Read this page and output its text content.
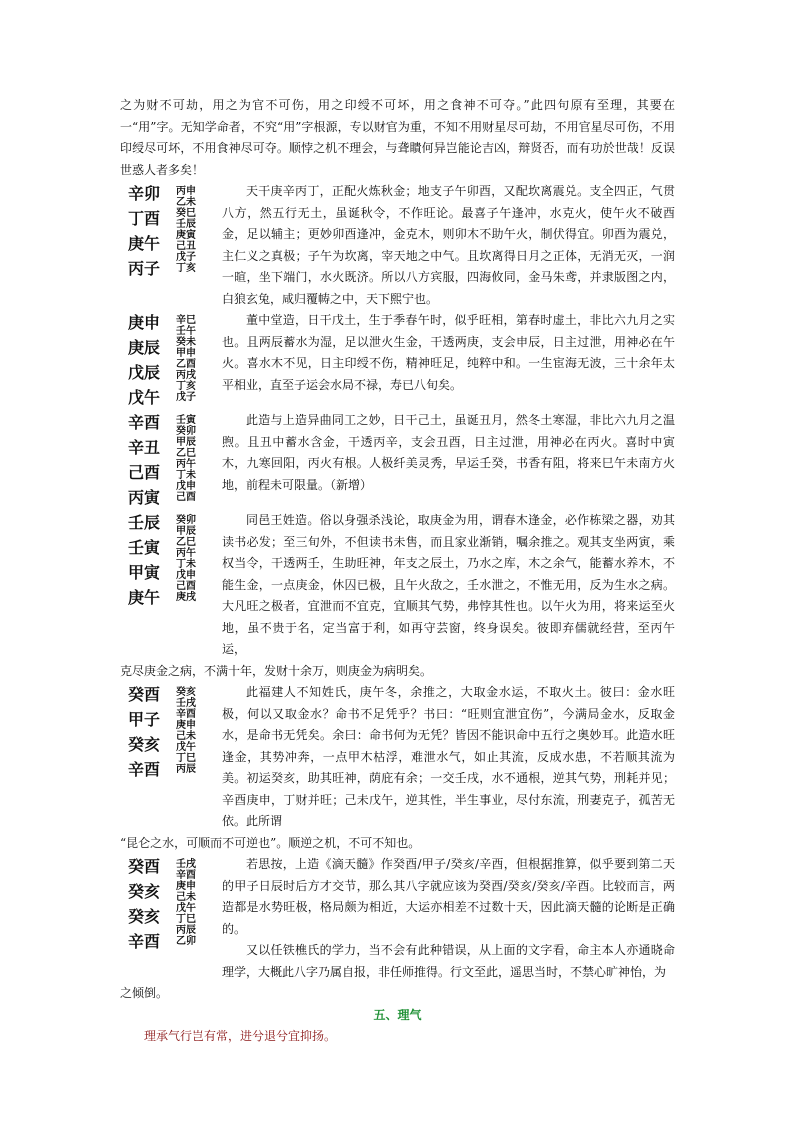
之为财不可劫，用之为官不可伤，用之印绶不可坏，用之食神不可夺。”此四句原有至理，其要在一“用”字。无知学命者，不究“用”字根源，专以财官为重，不知不用财星尽可劫，不用官星尽可伤，不用印绶尽可坏，不用食神尽可夺。顺悖之机不理会，与聋瞶何异岂能论吉凶，辩贤否，而有功於世哉！反误世惑人者多矣！

辛卯
丁酉
庚午
丙子
丙申
乙未
癸巳
壬辰
庚寅
己丑
戊子
丁亥

天干庚辛丙丁，正配火炼秋金；地支子午卯酉，又配坎离震兑。支全四正，气贯八方，然五行无土，虽诞秋令，不作旺论。最喜子午逢冲，水克火，使午火不破酉金，足以辅主；更妙卯酉逢冲，金克木，则卯木不助午火，制伏得宜。卯酉为震兑，主仁义之真极；子午为坎离，宰天地之中气。且坎离得日月之正体，无消无灭，一润一暄，坐下端门，水火既济。所以八方宾服，四海攸同，金马朱鸢，并隶版图之内，白狼玄兔，咸归覆帱之中，天下熙宁也。

庚申
庚辰
戊辰
戊午
辛巳
壬午
癸未
甲申
乙酉
丙戌
丁亥
戊子

董中堂造，日干戊土，生于季春午时，似乎旺相，第春时虚土，非比六九月之实也。且两辰蓄水为湿，足以泄火生金，干透两庚，支会申辰，日主过泄，用神必在午火。喜水木不见，日主印绶不伤，精神旺足，纯粹中和。一生宦海无波，三十余年太平相业，直至子运会水局不禄，寿已八旬矣。

辛酉
辛丑
己酉
丙寅
壬寅
癸卯
甲辰
乙巳
丙午
丁未
戊申
己酉

此造与上造异曲同工之妙，日干己土，虽诞丑月，然冬土寒湿，非比六九月之温煦。且丑中蓄水含金，干透丙辛，支会丑酉，日主过泄，用神必在丙火。喜时中寅木，九寒回阳，丙火有根。人极纤美灵秀，早运壬癸，书香有阻，将来巳午未南方火地，前程未可限量。（新增）

壬辰
壬寅
甲寅
庚午
癸卯
甲辰
乙巳
丙午
丁未
戊申
己酉
庚戌

同邑王姓造。俗以身强杀浅论，取庚金为用，谓春木逢金，必作栋梁之器，劝其读书必发；至三旬外，不但读书未售，而且家业渐销，嘱余推之。观其支坐两寅，乘权当令，干透两壬，生助旺神，年支之辰土，乃水之库，木之余气，能蓄水养木，不能生金，一点庚金，休囚已极，且午火敌之，壬水泄之，不惟无用，反为生水之病。大凡旺之极者，宜泄而不宜克，宜顺其气势，弗悖其性也。以午火为用，将来运至火地，虽不贵于名，定当富于利，如再守芸窗，终身误矣。彼即弃儒就经营，至丙午运，

克尽庚金之病，不满十年，发财十余万，则庚金为病明矣。

癸酉
甲子
癸亥
辛酉
癸亥
壬戌
辛酉
庚申
己未
戊午
丁巳
丙辰

此福建人不知姓氏，庚午冬，余推之，大取金水运，不取火土。彼曰：金水旺极，何以又取金水？命书不足凭乎？书曰：“旺则宜泄宜伤”，今满局金水，反取金水，是命书无凭矣。余曰：命书何为无凭？皆因不能识命中五行之奥妙耳。此造水旺逢金，其势冲奔，一点甲木枯浮，难泄水气，如止其流，反成水患，不若顺其流为美。初运癸亥，助其旺神，荫庇有余；一交壬戌，水不通根，逆其气势，刑耗并见；辛酉庚申，丁财并旺；己未戊午，逆其性，半生事业，尽付东流，刑妻克子，孤苦无依。此所谓

“昆仑之水，可顺而不可逆也”。顺逆之机，不可不知也。

癸酉
癸亥
癸亥
辛酉
壬戌
辛酉
庚申
己未
戊午
丁巳
丙辰
乙卯

若思按，上造《滴天髓》作癸酉/甲子/癸亥/辛酉，但根据推算，似乎要到第二天的甲子日辰时后方才交节，那么其八字就应该为癸酉/癸亥/癸亥/辛酉。比较而言，两造都是水势旺极，格局颇为相近，大运亦相差不过数十天，因此滴天髓的论断是正确的。

又以任铁樵氏的学力，当不会有此种错误，从上面的文字看，命主本人亦通晓命理学，大概此八字乃属自报，非任师推得。行文至此，遥思当时，不禁心旷神怡，为

之倾倒。

五、理气

理承气行岂有常，进兮退兮宜抑扬。
